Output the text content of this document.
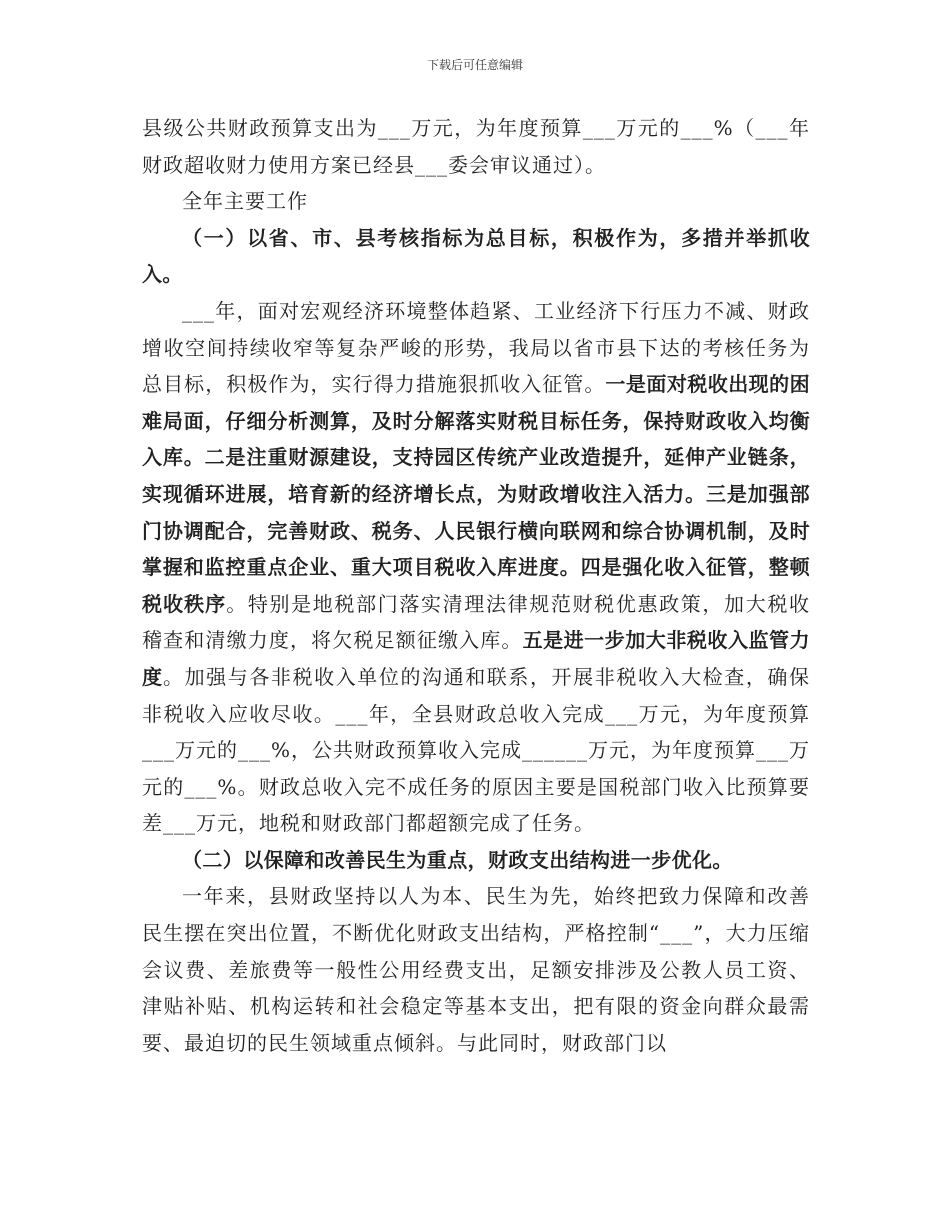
下载后可任意编辑

县级公共财政预算支出为___万元，为年度预算___万元的___%（___年财政超收财力使用方案已经县___委会审议通过）。

全年主要工作

（一）以省、市、县考核指标为总目标，积极作为，多措并举抓收入。

___年，面对宏观经济环境整体趋紧、工业经济下行压力不减、财政增收空间持续收窄等复杂严峻的形势，我局以省市县下达的考核任务为总目标，积极作为，实行得力措施狠抓收入征管。一是面对税收出现的困难局面，仔细分析测算，及时分解落实财税目标任务，保持财政收入均衡入库。二是注重财源建设，支持园区传统产业改造提升，延伸产业链条，实现循环进展，培育新的经济增长点，为财政增收注入活力。三是加强部门协调配合，完善财政、税务、人民银行横向联网和综合协调机制，及时掌握和监控重点企业、重大项目税收入库进度。四是强化收入征管，整顿税收秩序。特别是地税部门落实清理法律规范财税优惠政策，加大税收稽查和清缴力度，将欠税足额征缴入库。五是进一步加大非税收入监管力度。加强与各非税收入单位的沟通和联系，开展非税收入大检查，确保非税收入应收尽收。___年，全县财政总收入完成___万元，为年度预算___万元的___%，公共财政预算收入完成______万元，为年度预算___万元的___%。财政总收入完不成任务的原因主要是国税部门收入比预算要差___万元，地税和财政部门都超额完成了任务。

（二）以保障和改善民生为重点，财政支出结构进一步优化。

一年来，县财政坚持以人为本、民生为先，始终把致力保障和改善民生摆在突出位置，不断优化财政支出结构，严格控制“___”，大力压缩会议费、差旅费等一般性公用经费支出，足额安排涉及公教人员工资、津贴补贴、机构运转和社会稳定等基本支出，把有限的资金向群众最需要、最迫切的民生领域重点倾斜。与此同时，财政部门以
